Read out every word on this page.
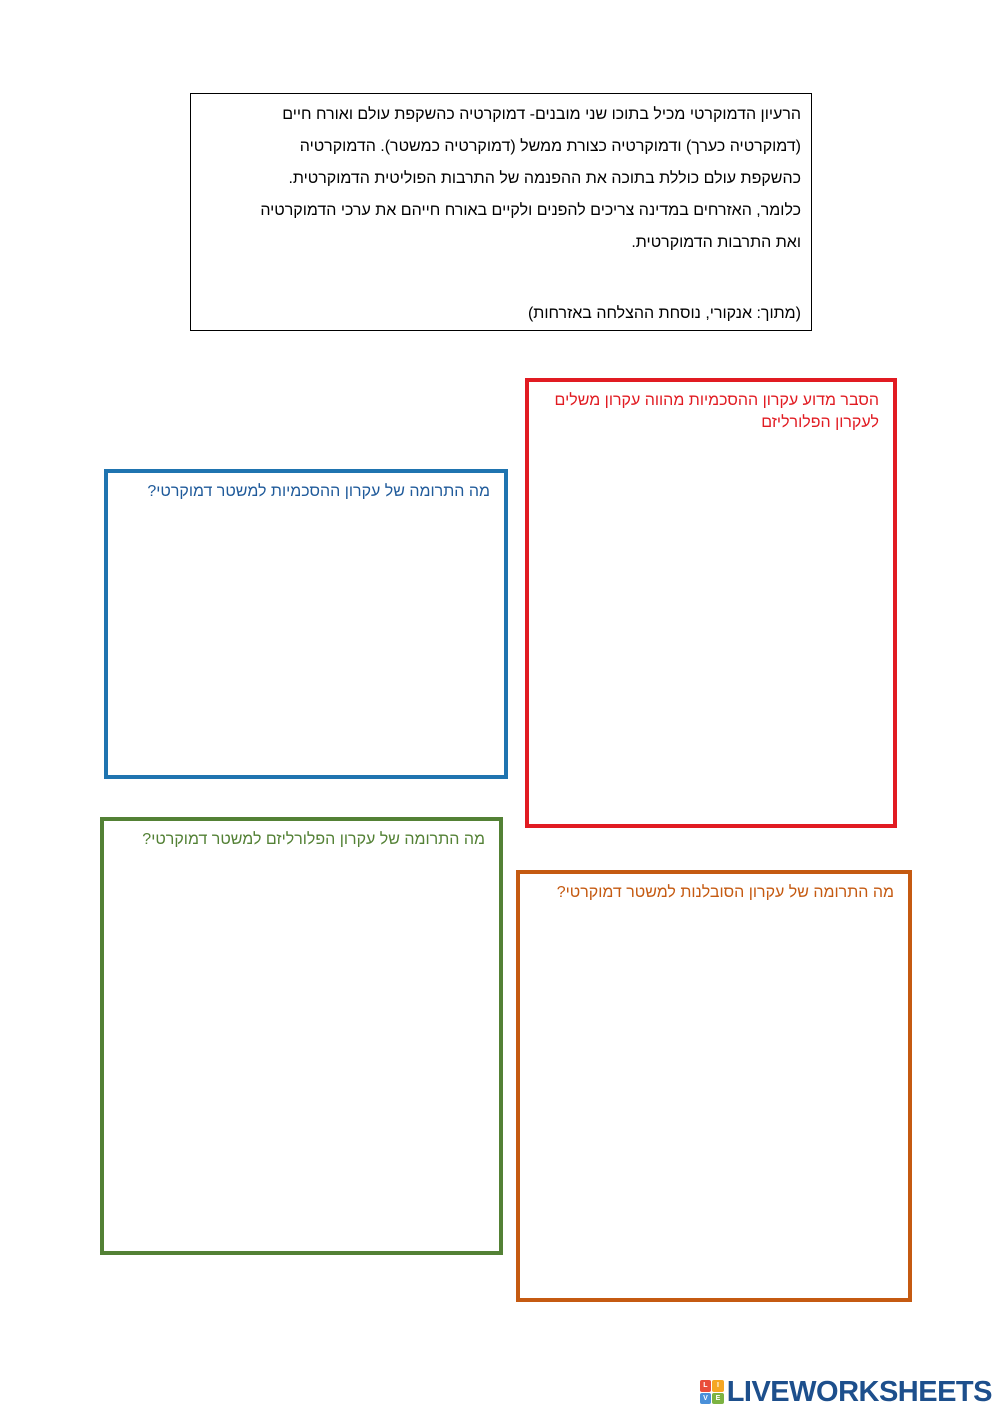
הרעיון הדמוקרטי מכיל בתוכו שני מובנים- דמוקרטיה כהשקפת עולם ואורח חיים
(דמוקרטיה כערך) ודמוקרטיה כצורת ממשל (דמוקרטיה כמשטר). הדמוקרטיה
כהשקפת עולם כוללת בתוכה את ההפנמה של התרבות הפוליטית הדמוקרטית.
כלומר, האזרחים במדינה צריכים להפנים ולקיים באורח חייהם את ערכי הדמוקרטיה
ואת התרבות הדמוקרטית.
(מתוך: אנקורי, נוסחת ההצלחה באזרחות)
הסבר מדוע עקרון ההסכמיות מהווה עקרון משלים לעקרון הפלורליזם
מה התרומה של עקרון ההסכמיות למשטר דמוקרטי?
מה התרומה של עקרון הפלורליזם למשטר דמוקרטי?
מה התרומה של עקרון הסובלנות למשטר דמוקרטי?
L	I
V	E LIVEWORKSHEETS
